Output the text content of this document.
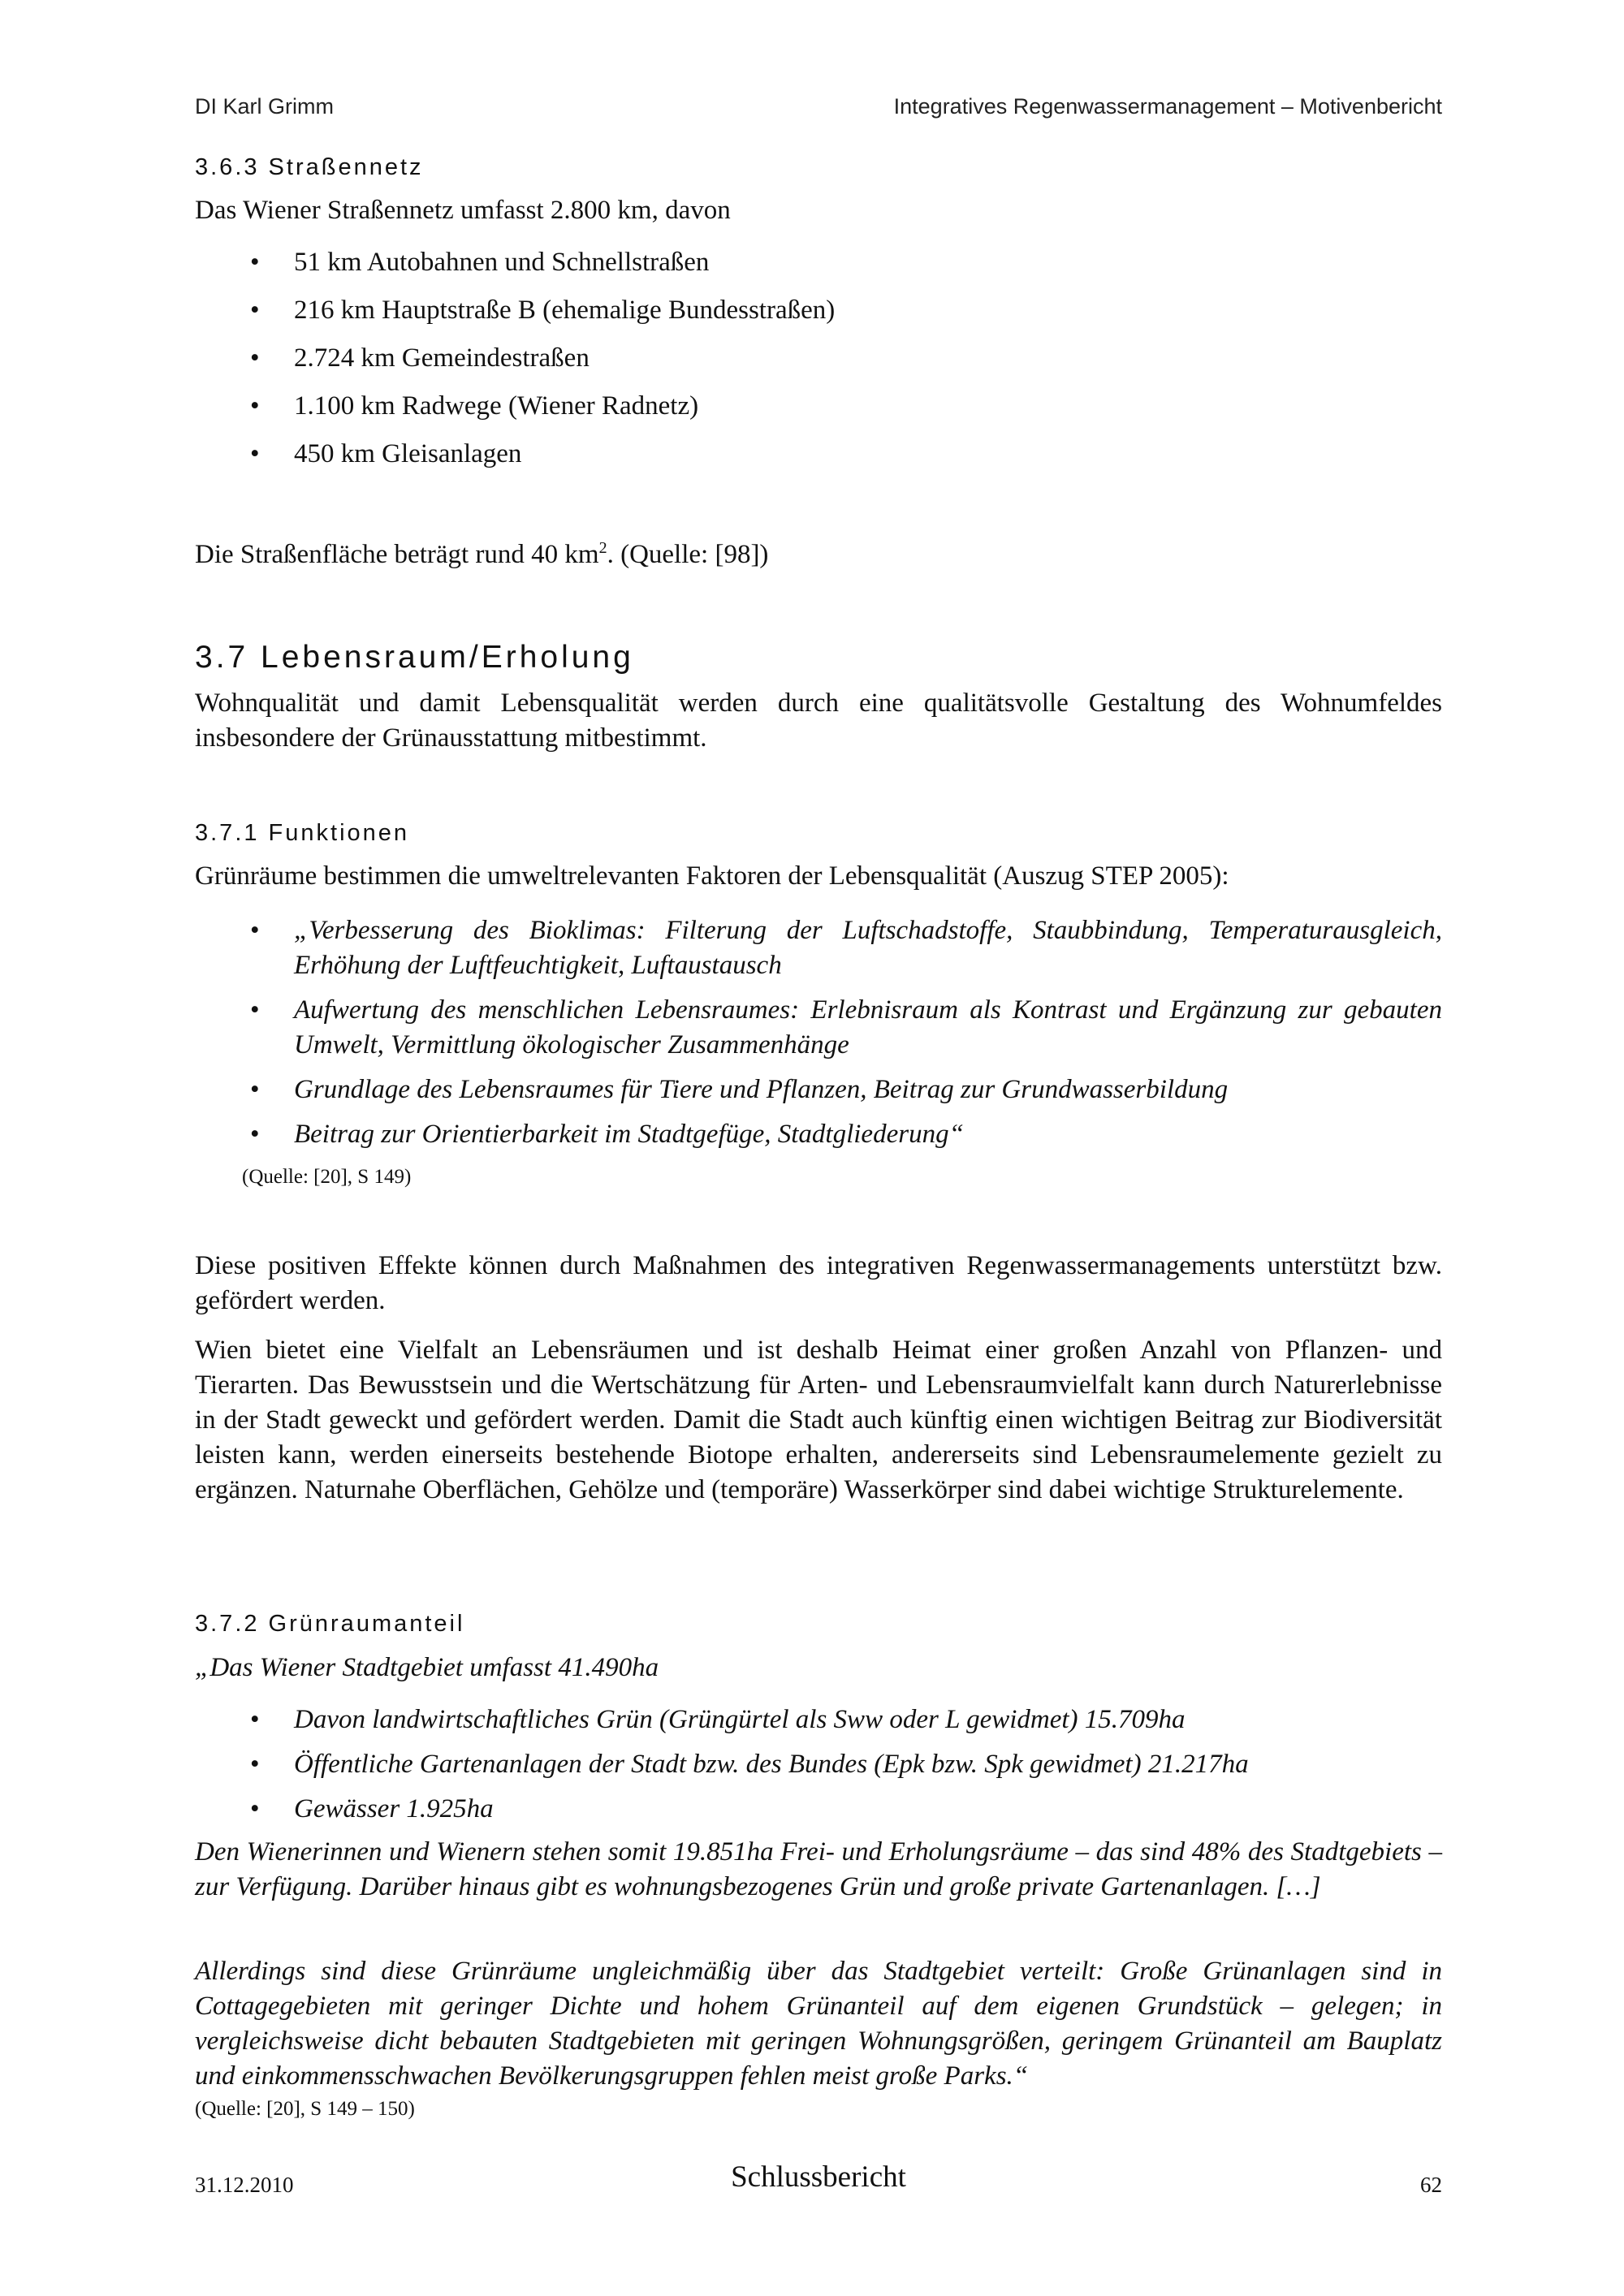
DI Karl Grimm	Integratives Regenwassermanagement – Motivenbericht
3.6.3 Straßennetz

Das Wiener Straßennetz umfasst 2.800 km, davon

• 51 km Autobahnen und Schnellstraßen
• 216 km Hauptstraße B (ehemalige Bundesstraßen)
• 2.724 km Gemeindestraßen
• 1.100 km Radwege (Wiener Radnetz)
• 450 km Gleisanlagen

Die Straßenfläche beträgt rund 40 $km^2$. (Quelle: [98])

3.7 Lebensraum/Erholung

Wohnqualität und damit Lebensqualität werden durch eine qualitätsvolle Gestaltung des Wohnumfeldes insbesondere der Grünausstattung mitbestimmt.

3.7.1 Funktionen

Grünräume bestimmen die umweltrelevanten Faktoren der Lebensqualität (Auszug STEP 2005):

• „Verbesserung des Bioklimas: Filterung der Luftschadstoffe, Staubbindung, Temperaturausgleich, Erhöhung der Luftfeuchtigkeit, Luftaustausch
• Aufwertung des menschlichen Lebensraumes: Erlebnisraum als Kontrast und Ergänzung zur gebauten Umwelt, Vermittlung ökologischer Zusammenhänge
• Grundlage des Lebensraumes für Tiere und Pflanzen, Beitrag zur Grundwasserbildung
• Beitrag zur Orientierbarkeit im Stadtgefüge, Stadtgliederung“

(Quelle: [20], S 149)

Diese positiven Effekte können durch Maßnahmen des integrativen Regenwassermanagements unterstützt bzw. gefördert werden.

Wien bietet eine Vielfalt an Lebensräumen und ist deshalb Heimat einer großen Anzahl von Pflanzen- und Tierarten. Das Bewusstsein und die Wertschätzung für Arten- und Lebensraumvielfalt kann durch Naturerlebnisse in der Stadt geweckt und gefördert werden. Damit die Stadt auch künftig einen wichtigen Beitrag zur Biodiversität leisten kann, werden einerseits bestehende Biotope erhalten, andererseits sind Lebensraumelemente gezielt zu ergänzen. Naturnahe Oberflächen, Gehölze und (temporäre) Wasserkörper sind dabei wichtige Strukturelemente.

3.7.2 Grünraumanteil

„Das Wiener Stadtgebiet umfasst 41.490ha

• Davon landwirtschaftliches Grün (Grüngürtel als Sww oder L gewidmet) 15.709ha
• Öffentliche Gartenanlagen der Stadt bzw. des Bundes (Epk bzw. Spk gewidmet) 21.217ha
• Gewässer 1.925ha

Den Wienerinnen und Wienern stehen somit 19.851ha Frei- und Erholungsräume – das sind 48% des Stadtgebiets – zur Verfügung. Darüber hinaus gibt es wohnungsbezogenes Grün und große private Gartenanlagen. […]

Allerdings sind diese Grünräume ungleichmäßig über das Stadtgebiet verteilt: Große Grünanlagen sind in Cottagegebieten mit geringer Dichte und hohem Grünanteil auf dem eigenen Grundstück – gelegen; in vergleichsweise dicht bebauten Stadtgebieten mit geringen Wohnungsgrößen, geringem Grünanteil am Bauplatz und einkommensschwachen Bevölkerungsgruppen fehlen meist große Parks.“

(Quelle: [20], S 149 – 150)

31.12.2010	Schlussbericht	62
